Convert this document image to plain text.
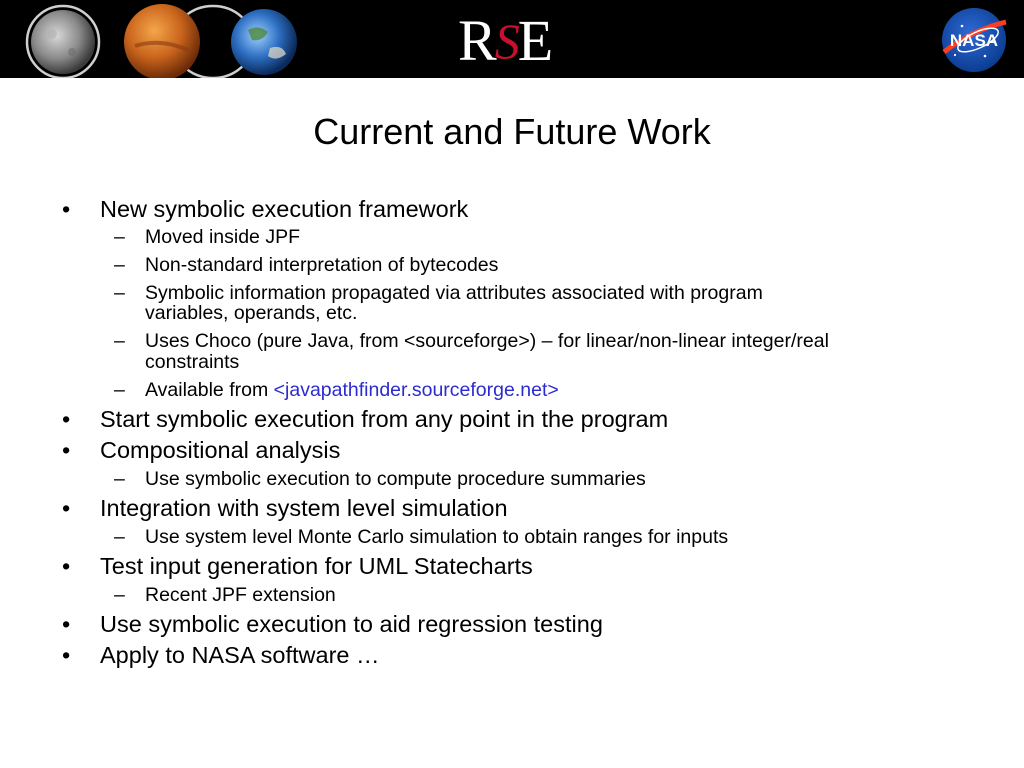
NASA
RSE
Current and Future Work
• New symbolic execution framework
– Moved inside JPF
– Non-standard interpretation of bytecodes
– Symbolic information propagated via attributes associated with program
variables, operands, etc.
– Uses Choco (pure Java, from <sourceforge>) – for linear/non-linear integer/real
constraints
– Available from <javapathfinder.sourceforge.net>
• Start symbolic execution from any point in the program
• Compositional analysis
– Use symbolic execution to compute procedure summaries
• Integration with system level simulation
– Use system level Monte Carlo simulation to obtain ranges for inputs
• Test input generation for UML Statecharts
– Recent JPF extension
• Use symbolic execution to aid regression testing
• Apply to NASA software …
